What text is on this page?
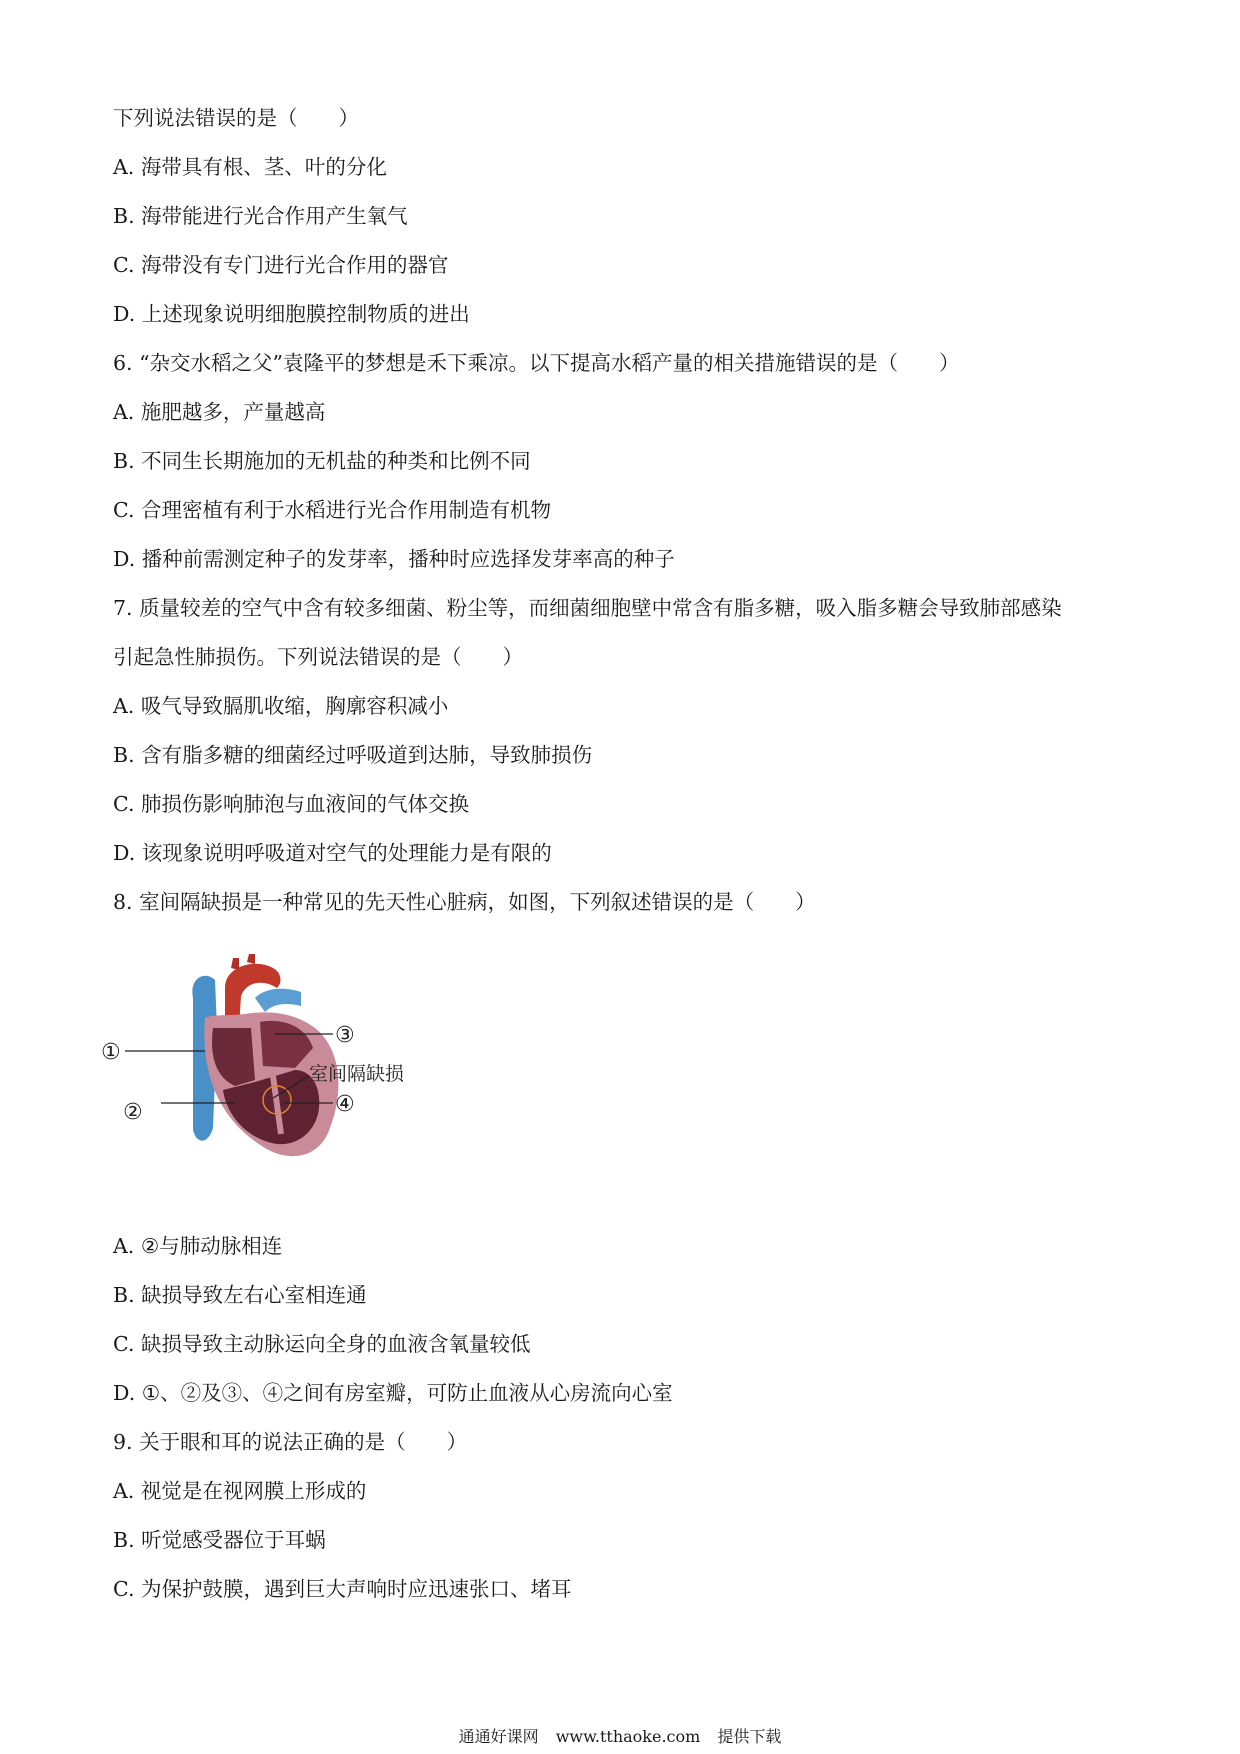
下列说法错误的是（　　）
A. 海带具有根、茎、叶的分化
B. 海带能进行光合作用产生氧气
C. 海带没有专门进行光合作用的器官
D. 上述现象说明细胞膜控制物质的进出
6. “杂交水稻之父”袁隆平的梦想是禾下乘凉。以下提高水稻产量的相关措施错误的是（　　）
A. 施肥越多，产量越高
B. 不同生长期施加的无机盐的种类和比例不同
C. 合理密植有利于水稻进行光合作用制造有机物
D. 播种前需测定种子的发芽率，播种时应选择发芽率高的种子
7. 质量较差的空气中含有较多细菌、粉尘等，而细菌细胞壁中常含有脂多糖，吸入脂多糖会导致肺部感染
引起急性肺损伤。下列说法错误的是（　　）
A. 吸气导致膈肌收缩，胸廓容积减小
B. 含有脂多糖的细菌经过呼吸道到达肺，导致肺损伤
C. 肺损伤影响肺泡与血液间的气体交换
D. 该现象说明呼吸道对空气的处理能力是有限的
8. 室间隔缺损是一种常见的先天性心脏病，如图，下列叙述错误的是（　　）
①
②
③
④
室间隔缺损
A. ②与肺动脉相连
B. 缺损导致左右心室相连通
C. 缺损导致主动脉运向全身的血液含氧量较低
D. ①、②及③、④之间有房室瓣，可防止血液从心房流向心室
9. 关于眼和耳的说法正确的是（　　）
A. 视觉是在视网膜上形成的
B. 听觉感受器位于耳蜗
C. 为保护鼓膜，遇到巨大声响时应迅速张口、堵耳
通通好课网 www.tthaoke.com 提供下载
